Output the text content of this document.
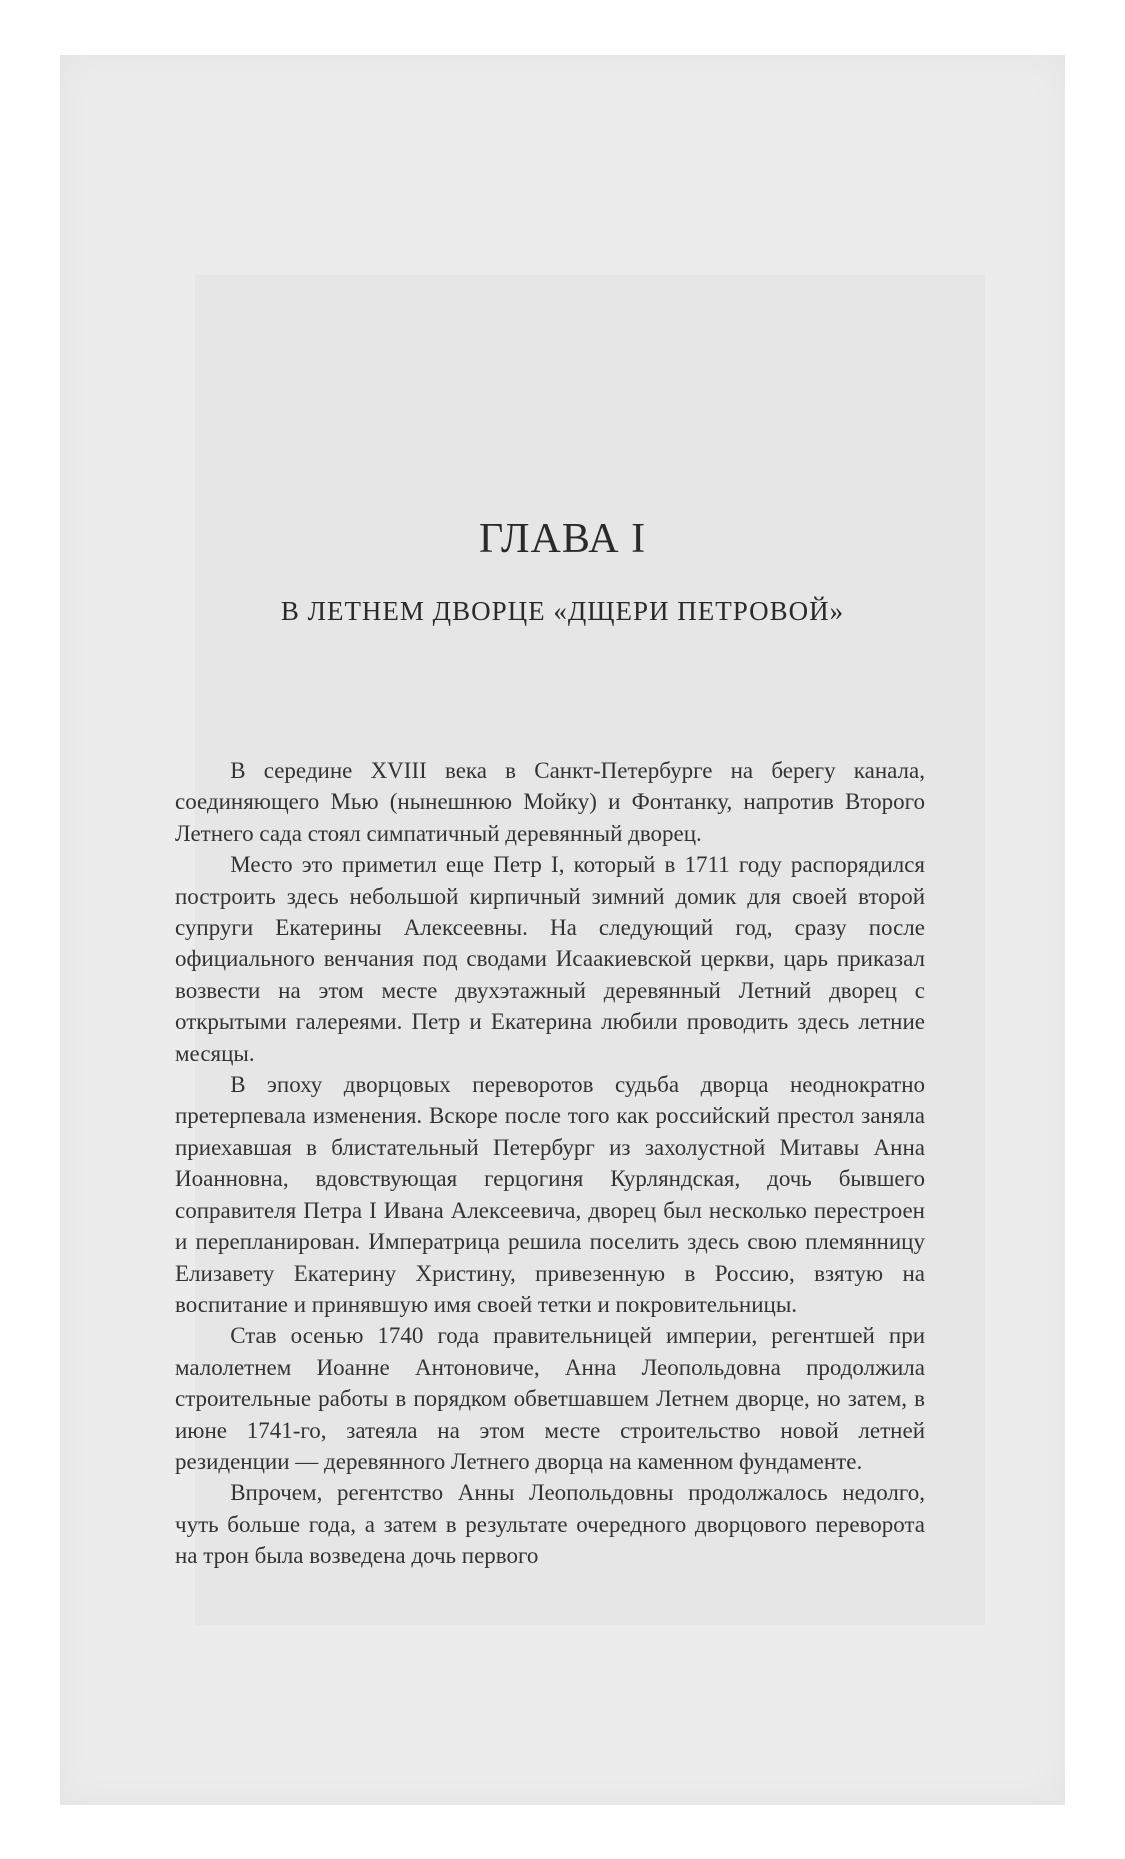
ГЛАВА I
В ЛЕТНЕМ ДВОРЦЕ «ДЩЕРИ ПЕТРОВОЙ»

В середине XVIII века в Санкт-Петербурге на берегу канала, соединяющего Мью (нынешнюю Мойку) и Фонтанку, напротив Второго Летнего сада стоял симпатичный деревянный дворец.

Место это приметил еще Петр I, который в 1711 году распорядился построить здесь небольшой кирпичный зимний домик для своей второй супруги Екатерины Алексеевны. На следующий год, сразу после официального венчания под сводами Исаакиевской церкви, царь приказал возвести на этом месте двухэтажный деревянный Летний дворец с открытыми галереями. Петр и Екатерина любили проводить здесь летние месяцы.

В эпоху дворцовых переворотов судьба дворца неоднократно претерпевала изменения. Вскоре после того как российский престол заняла приехавшая в блистательный Петербург из захолустной Митавы Анна Иоанновна, вдовствующая герцогиня Курляндская, дочь бывшего соправителя Петра I Ивана Алексеевича, дворец был несколько перестроен и перепланирован. Императрица решила поселить здесь свою племянницу Елизавету Екатерину Христину, привезенную в Россию, взятую на воспитание и принявшую имя своей тетки и покровительницы.

Став осенью 1740 года правительницей империи, регентшей при малолетнем Иоанне Антоновиче, Анна Леопольдовна продолжила строительные работы в порядком обветшавшем Летнем дворце, но затем, в июне 1741-го, затеяла на этом месте строительство новой летней резиденции — деревянного Летнего дворца на каменном фундаменте.

Впрочем, регентство Анны Леопольдовны продолжалось недолго, чуть больше года, а затем в результате очередного дворцового переворота на трон была возведена дочь первого
